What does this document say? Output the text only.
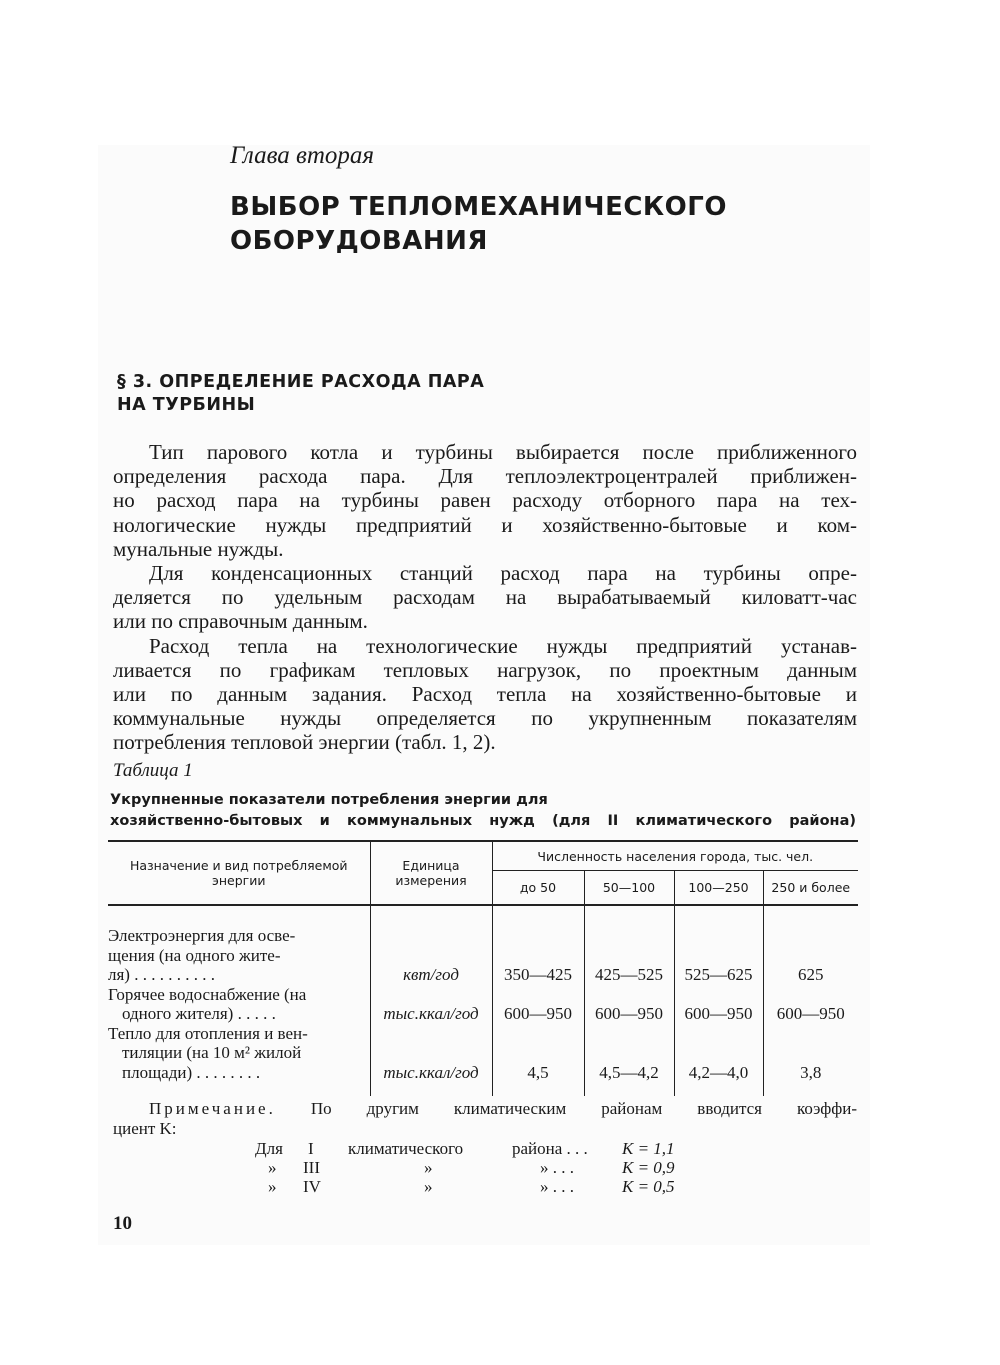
Глава вторая
ВЫБОР ТЕПЛОМЕХАНИЧЕСКОГО
ОБОРУДОВАНИЯ
§ 3. ОПРЕДЕЛЕНИЕ РАСХОДА ПАРА
НА ТУРБИНЫ
Тип парового котла и турбины выбирается после приближенного
определения расхода пара. Для теплоэлектроцентралей приближен-
но расход пара на турбины равен расходу отборного пара на тех-
нологические нужды предприятий и хозяйственно-бытовые и ком-
мунальные нужды.
Для конденсационных станций расход пара на турбины опре-
деляется по удельным расходам на вырабатываемый киловатт-час
или по справочным данным.
Расход тепла на технологические нужды предприятий устанав-
ливается по графикам тепловых нагрузок, по проектным данным
или по данным задания. Расход тепла на хозяйственно-бытовые и
коммунальные нужды определяется по укрупненным показателям
потребления тепловой энергии (табл. 1, 2).
Таблица 1
Укрупненные показатели потребления энергии для
хозяйственно-бытовых и коммунальных нужд (для II климатического района)
Назначение и вид потребляемой энергии	Единица измерения	Численность населения города, тыс. чел.			
		до 50	50—100	100—250	250 и более

Электроэнергия для осве-
щения (на одного жите-
ля) . . . . . . . . . .	квт/год	350—425	425—525	525—625	625

Горячее водоснабжение (на
одного жителя) . . . . .	тыс.ккал/год	600—950	600—950	600—950	600—950

Тепло для отопления и вен-
тиляции (на 10 м² жилой
площади) . . . . . . . .	тыс.ккал/год	4,5	4,5—4,2	4,2—4,0	3,8
Примечание. По другим климатическим районам вводится коэффи-
циент K:
Для I климатического	района . . . K = 1,1
» III	»	» . . .	K = 0,9
» IV	»	» . . .	K = 0,5
10
